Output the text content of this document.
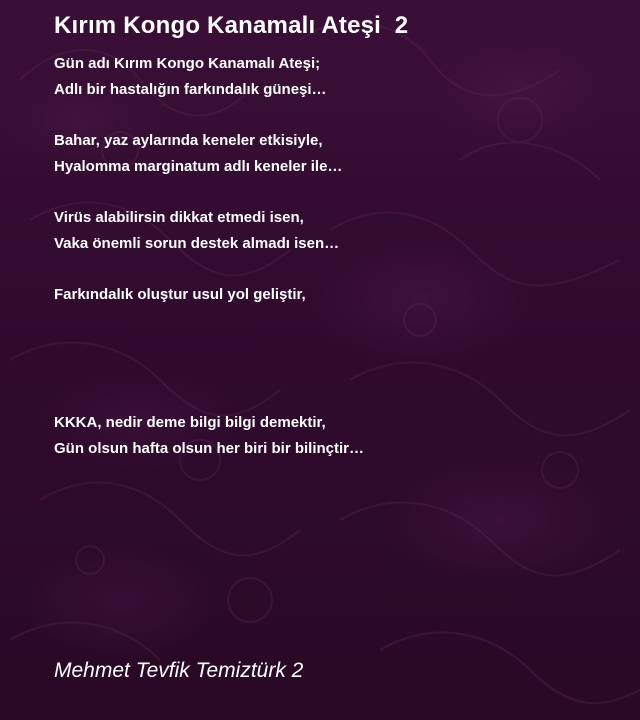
Kırım Kongo Kanamalı Ateşi  2

Gün adı Kırım Kongo Kanamalı Ateşi;

Adlı bir hastalığın farkındalık güneşi…

Bahar, yaz aylarında keneler etkisiyle,

Hyalomma marginatum adlı keneler ile…

Virüs alabilirsin dikkat etmedi isen,

Vaka önemli sorun destek almadı isen…

Farkındalık oluştur usul yol geliştir,

KKKA, nedir deme bilgi bilgi demektir,

Gün olsun hafta olsun her biri bir bilinçtir…

Mehmet Tevfik Temiztürk 2
